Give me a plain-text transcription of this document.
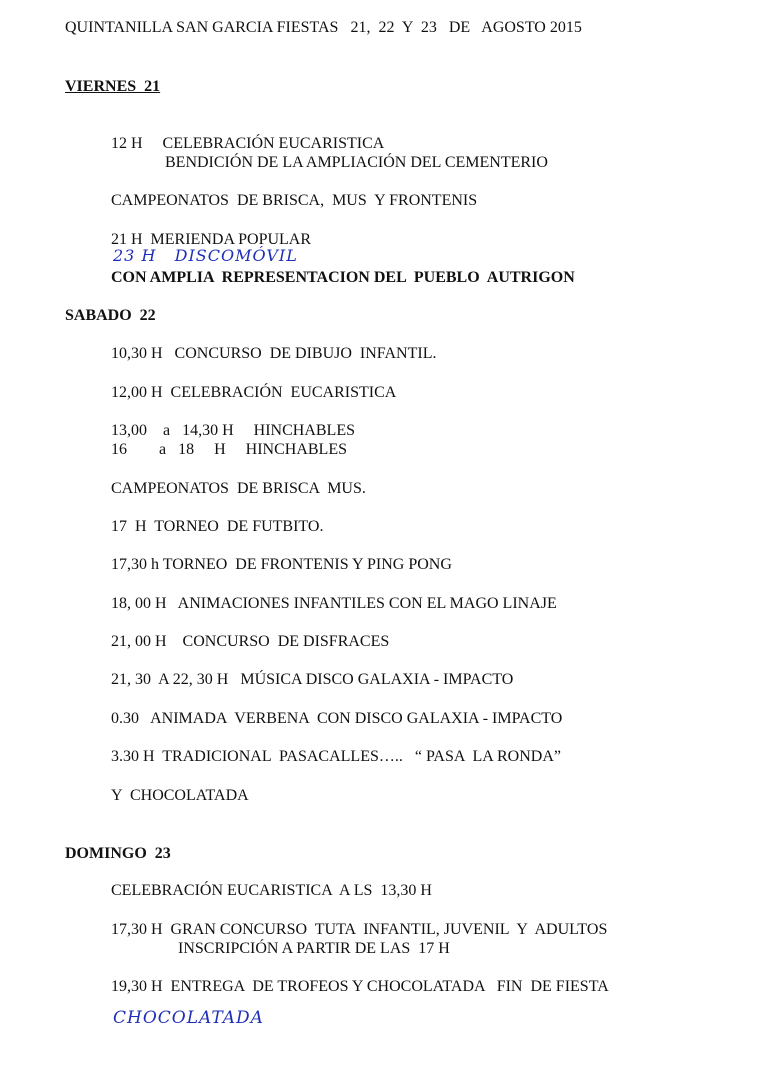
QUINTANILLA SAN GARCIA FIESTAS   21,  22  Y  23   DE   AGOSTO 2015
VIERNES  21
12 H     CELEBRACIÓN EUCARISTICA
BENDICIÓN DE LA AMPLIACIÓN DEL CEMENTERIO
CAMPEONATOS  DE BRISCA,  MUS  Y FRONTENIS
21 H  MERIENDA POPULAR
23 H   DISCOMÓVIL
CON AMPLIA  REPRESENTACION DEL  PUEBLO  AUTRIGON
SABADO  22
10,30 H   CONCURSO  DE DIBUJO  INFANTIL.
12,00 H  CELEBRACIÓN  EUCARISTICA
13,00    a   14,30 H     HINCHABLES
16        a   18     H     HINCHABLES
CAMPEONATOS  DE BRISCA  MUS.
17  H  TORNEO  DE FUTBITO.
17,30 h TORNEO  DE FRONTENIS Y PING PONG
18, 00 H   ANIMACIONES INFANTILES CON EL MAGO LINAJE
21, 00 H    CONCURSO  DE DISFRACES
21, 30  A 22, 30 H   MÚSICA DISCO GALAXIA - IMPACTO
0.30   ANIMADA  VERBENA  CON DISCO GALAXIA - IMPACTO
3.30 H  TRADICIONAL  PASACALLES…..   “ PASA  LA RONDA”
Y  CHOCOLATADA
DOMINGO  23
CELEBRACIÓN EUCARISTICA  A LS  13,30 H
17,30 H  GRAN CONCURSO  TUTA  INFANTIL, JUVENIL  Y  ADULTOS
INSCRIPCIÓN A PARTIR DE LAS  17 H
19,30 H  ENTREGA  DE TROFEOS Y CHOCOLATADA   FIN  DE FIESTA
CHOCOLATADA
